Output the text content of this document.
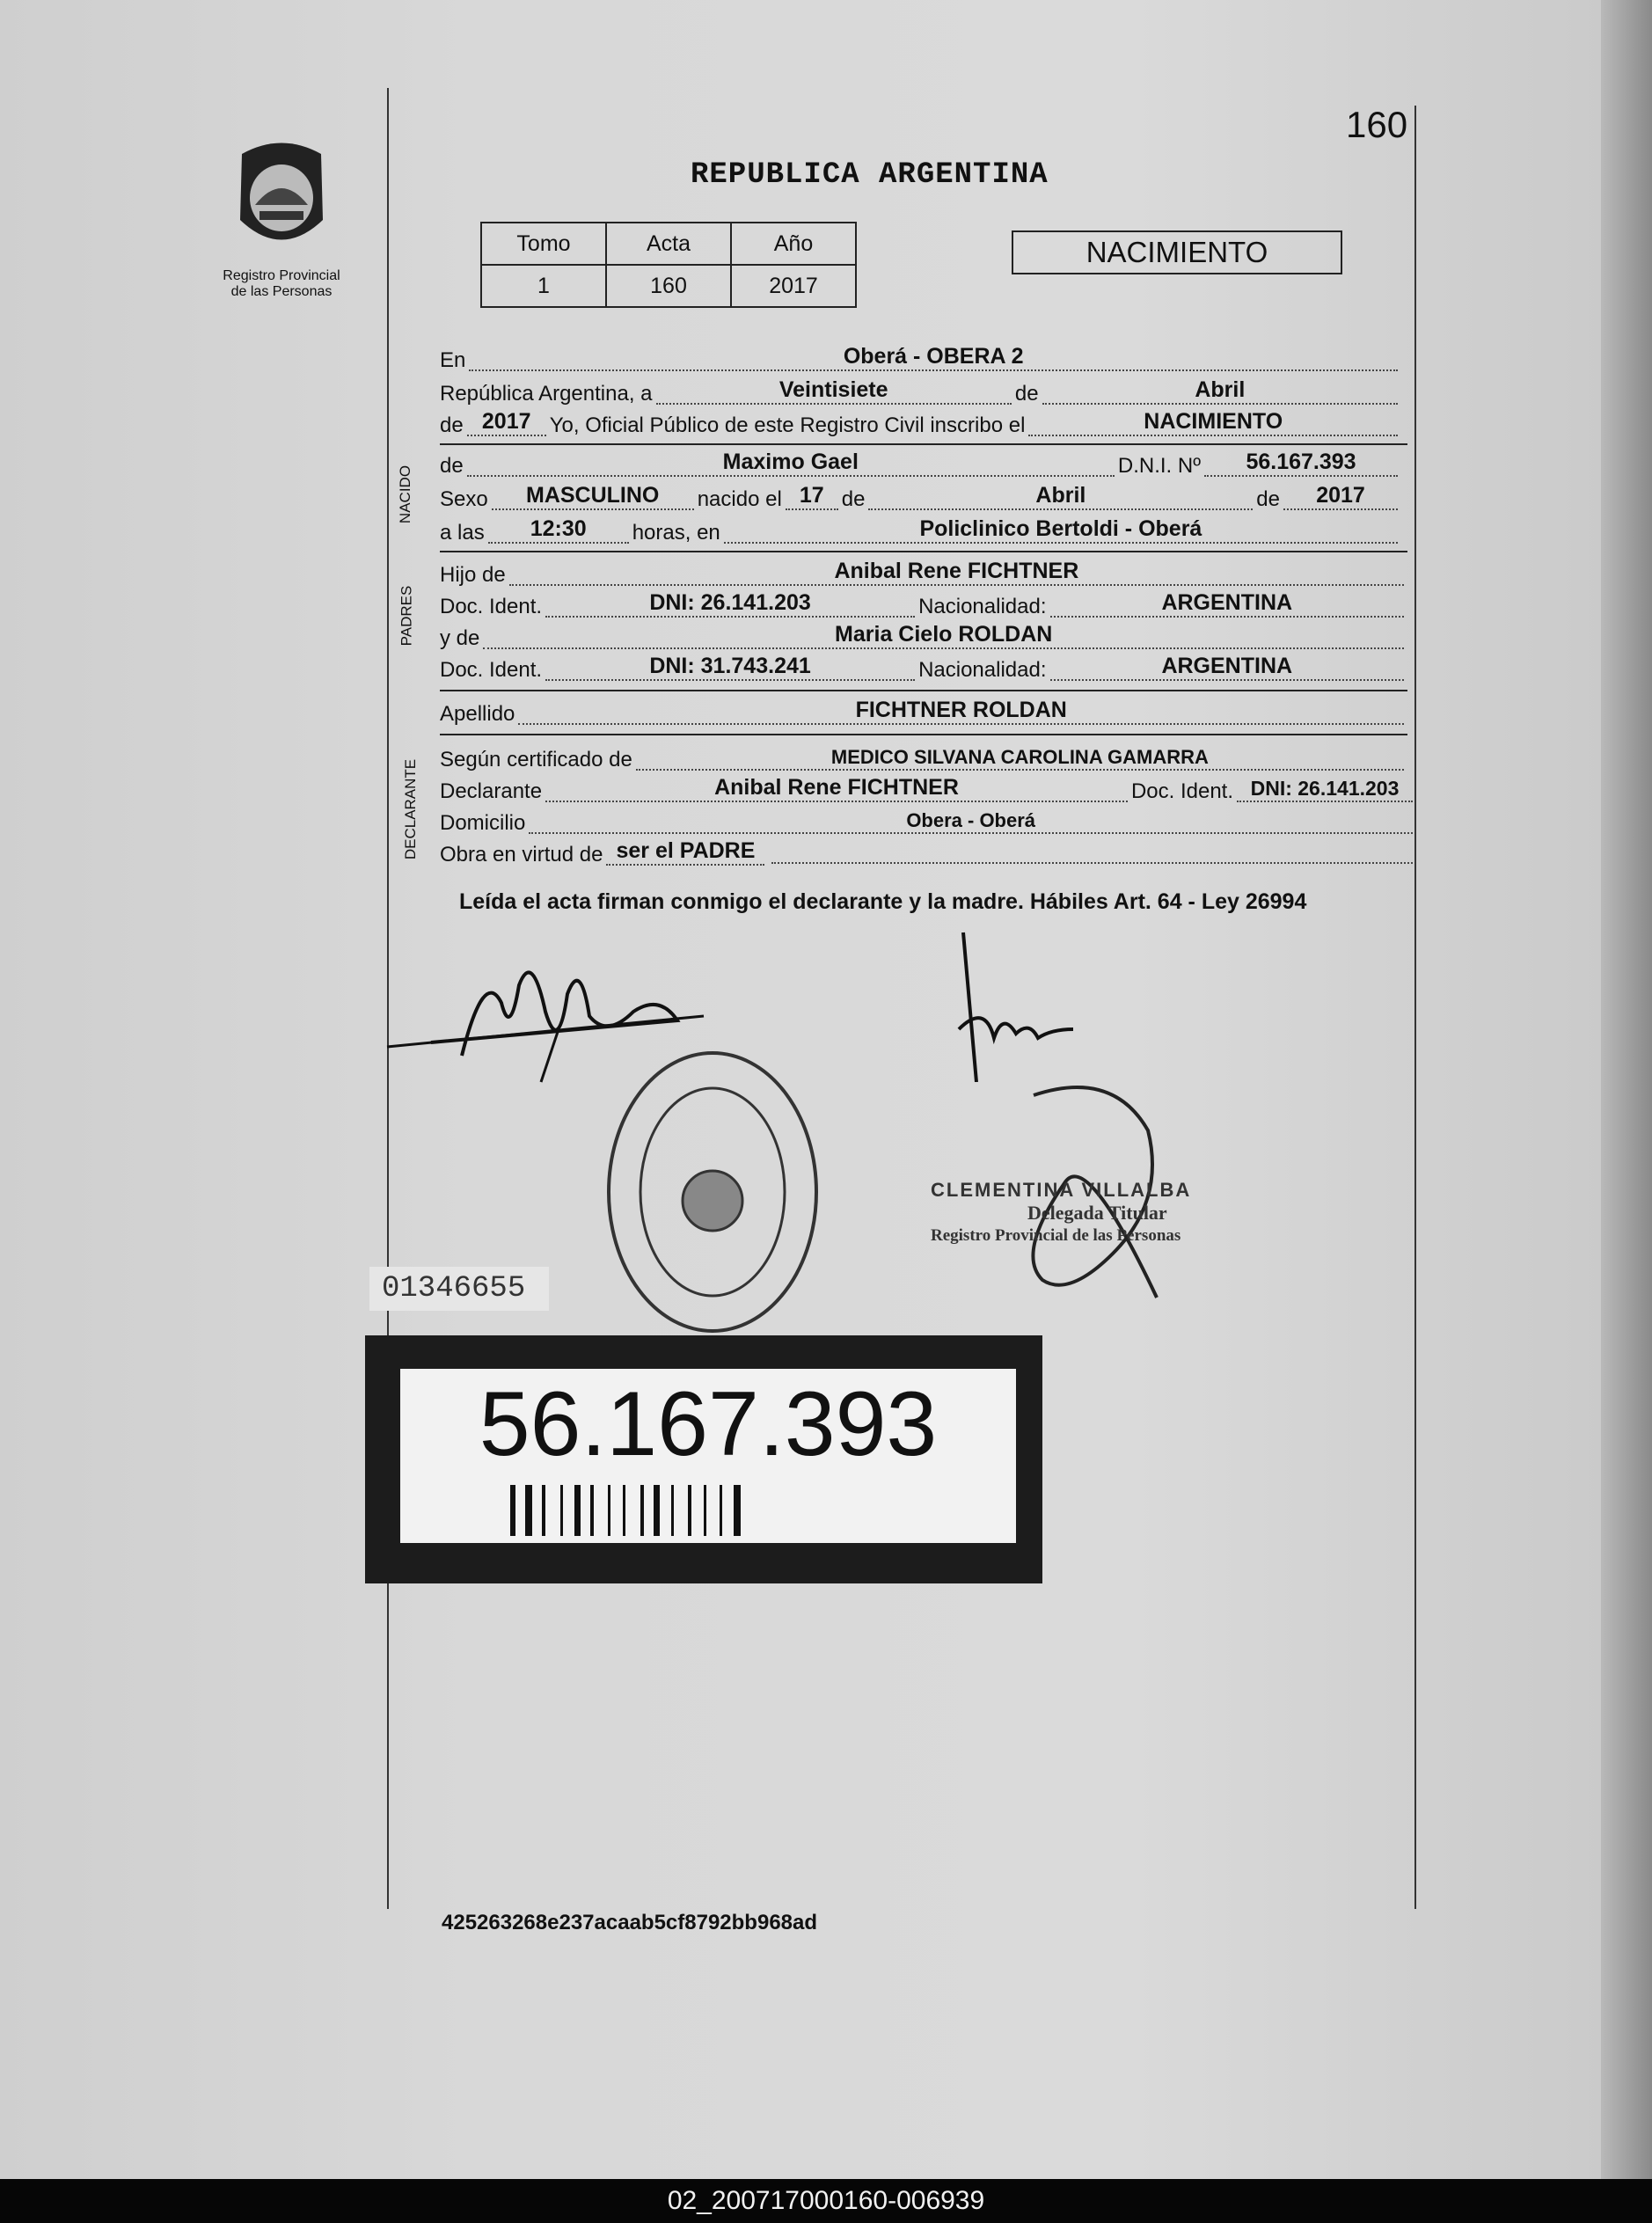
160
Registro Provincial
de las Personas
REPUBLICA ARGENTINA
Tomo	Acta	Año
1	160	2017
NACIMIENTO
En	Oberá - OBERA 2
República Argentina, a	Veintisiete	de	Abril
de 2017 Yo, Oficial Público de este Registro Civil inscribo el	NACIMIENTO
NACIDO de	Maximo Gael	D.N.I. Nº	56.167.393
Sexo	MASCULINO	nacido el 17 de	Abril	de	2017
a las	12:30	horas, en	Policlinico Bertoldi - Oberá
PADRES
Hijo de	Anibal Rene FICHTNER
Doc. Ident.	DNI: 26.141.203	Nacionalidad:	ARGENTINA
y de	Maria Cielo ROLDAN
Doc. Ident.	DNI: 31.743.241	Nacionalidad:	ARGENTINA
Apellido	FICHTNER ROLDAN
DECLARANTE Según certificado de	MEDICO SILVANA CAROLINA GAMARRA
Declarante	Anibal Rene FICHTNER	Doc. Ident. DNI: 26.141.203
Domicilio	Obera - Oberá
Obra en virtud de ser el PADRE
Leída el acta firman conmigo el declarante y la madre. Hábiles Art. 64 - Ley 26994
CLEMENTINA VILLALBA
Delegada Titular
Registro Provincial de las Personas
01346655
56.167.393
425263268e237acaab5cf8792bb968ad
02_200717000160-006939
